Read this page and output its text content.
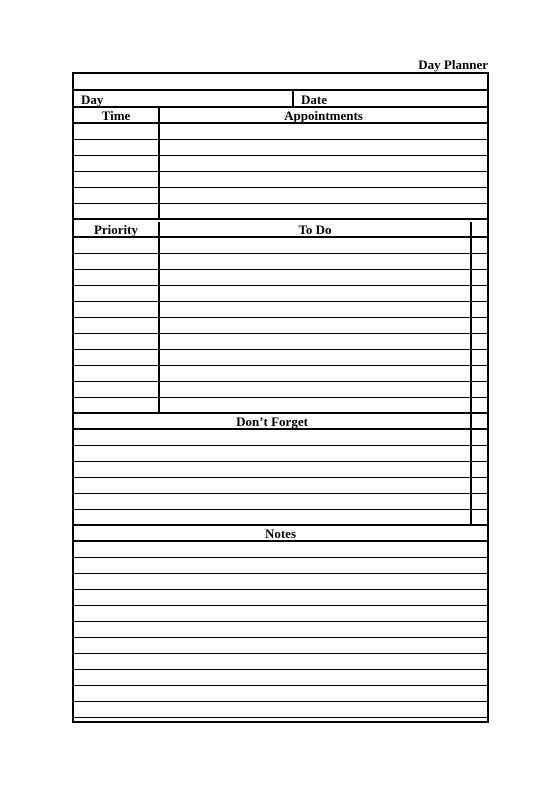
Day Planner
Day	Date
Time	Appointments
Priority	To Do
Don’t Forget
Notes
